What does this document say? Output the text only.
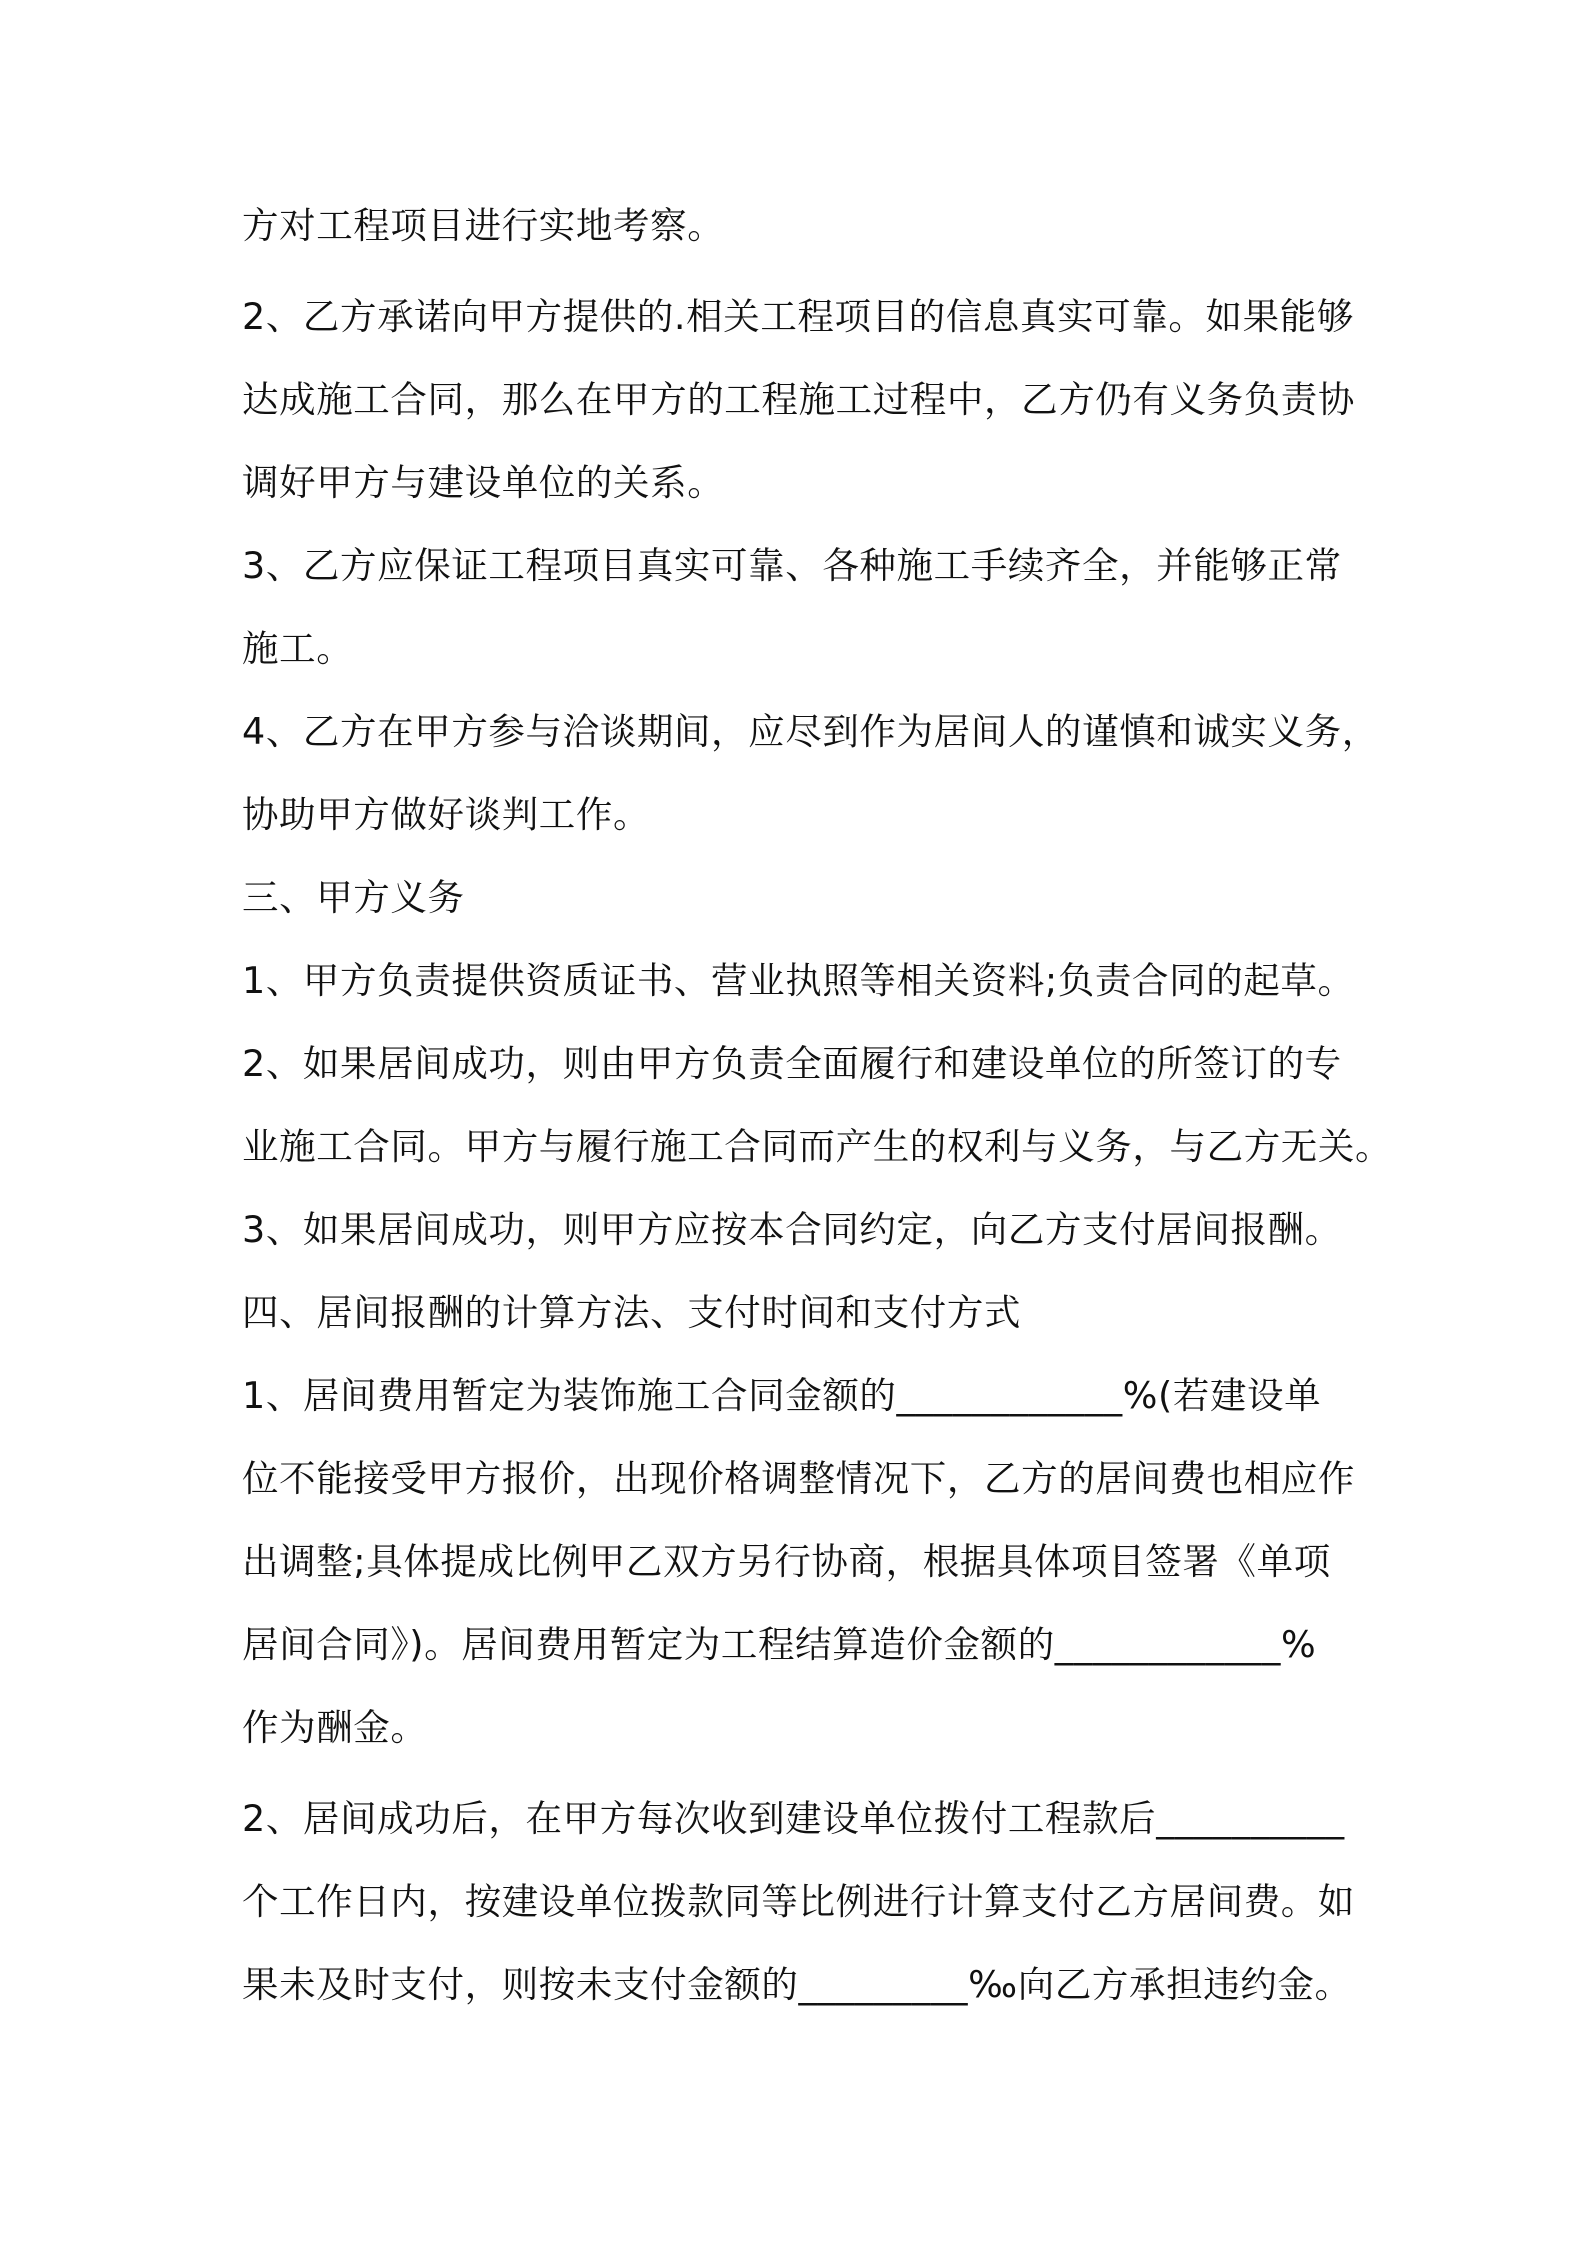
方对工程项目进行实地考察。
2、乙方承诺向甲方提供的.相关工程项目的信息真实可靠。如果能够
达成施工合同，那么在甲方的工程施工过程中，乙方仍有义务负责协
调好甲方与建设单位的关系。
3、乙方应保证工程项目真实可靠、各种施工手续齐全，并能够正常
施工。
4、乙方在甲方参与洽谈期间，应尽到作为居间人的谨慎和诚实义务，
协助甲方做好谈判工作。
三、甲方义务
1、甲方负责提供资质证书、营业执照等相关资料;负责合同的起草。
2、如果居间成功，则由甲方负责全面履行和建设单位的所签订的专
业施工合同。甲方与履行施工合同而产生的权利与义务，与乙方无关。
3、如果居间成功，则甲方应按本合同约定，向乙方支付居间报酬。
四、居间报酬的计算方法、支付时间和支付方式
1、居间费用暂定为装饰施工合同金额的____________%(若建设单
位不能接受甲方报价，出现价格调整情况下，乙方的居间费也相应作
出调整;具体提成比例甲乙双方另行协商，根据具体项目签署《单项
居间合同》)。居间费用暂定为工程结算造价金额的____________%
作为酬金。
2、居间成功后，在甲方每次收到建设单位拨付工程款后__________
个工作日内，按建设单位拨款同等比例进行计算支付乙方居间费。如
果未及时支付，则按未支付金额的_________‰向乙方承担违约金。
